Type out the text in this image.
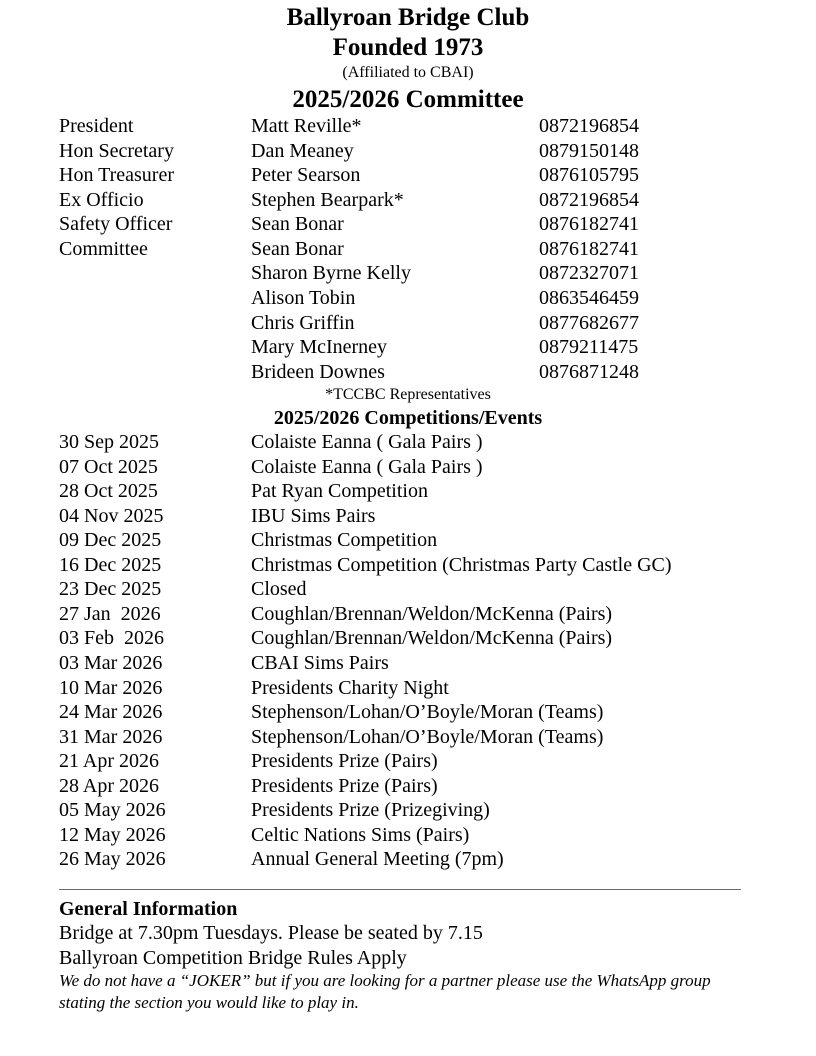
Ballyroan Bridge Club
Founded 1973
(Affiliated to CBAI)
2025/2026 Committee
President	Matt Reville*	0872196854
Hon Secretary	Dan Meaney	0879150148
Hon Treasurer	Peter Searson	0876105795
Ex Officio	Stephen Bearpark*	0872196854
Safety Officer	Sean Bonar	0876182741
Committee	Sean Bonar	0876182741
Sharon Byrne Kelly	0872327071
Alison Tobin	0863546459
Chris Griffin	0877682677
Mary McInerney	0879211475
Brideen Downes	0876871248
*TCCBC Representatives
2025/2026 Competitions/Events
30 Sep 2025	Colaiste Eanna ( Gala Pairs )
07 Oct 2025	Colaiste Eanna ( Gala Pairs )
28 Oct 2025	Pat Ryan Competition
04 Nov 2025	IBU Sims Pairs
09 Dec 2025	Christmas Competition
16 Dec 2025	Christmas Competition (Christmas Party Castle GC)
23 Dec 2025	Closed
27 Jan  2026	Coughlan/Brennan/Weldon/McKenna (Pairs)
03 Feb  2026	Coughlan/Brennan/Weldon/McKenna (Pairs)
03 Mar 2026	CBAI Sims Pairs
10 Mar 2026	Presidents Charity Night
24 Mar 2026	Stephenson/Lohan/O’Boyle/Moran (Teams)
31 Mar 2026	Stephenson/Lohan/O’Boyle/Moran (Teams)
21 Apr 2026	Presidents Prize (Pairs)
28 Apr 2026	Presidents Prize (Pairs)
05 May 2026	Presidents Prize (Prizegiving)
12 May 2026	Celtic Nations Sims (Pairs)
26 May 2026	Annual General Meeting (7pm)
General Information
Bridge at 7.30pm Tuesdays. Please be seated by 7.15
Ballyroan Competition Bridge Rules Apply
We do not have a “JOKER” but if you are looking for a partner please use the WhatsApp group stating the section you would like to play in.
